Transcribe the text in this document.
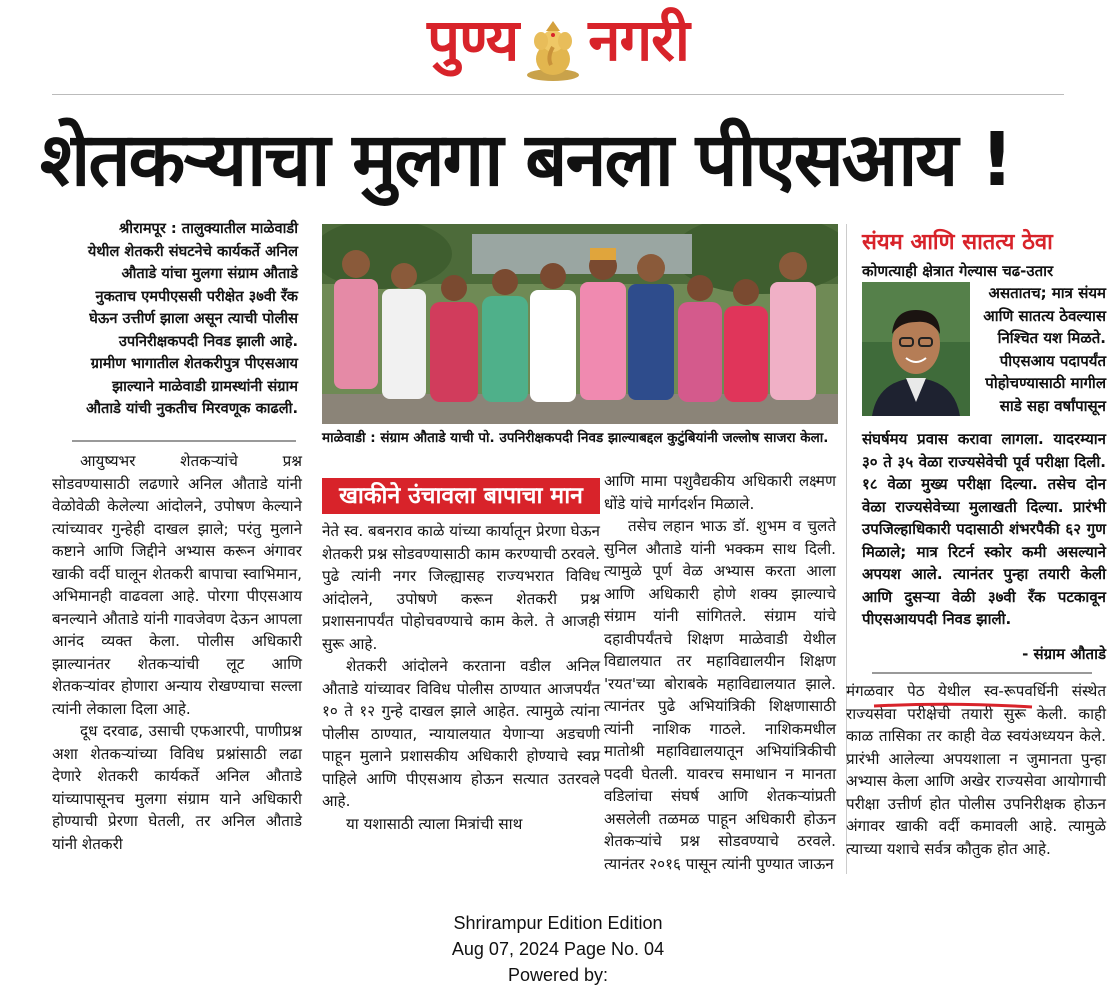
पुण्य नगरी
शेतकऱ्याचा मुलगा बनला पीएसआय !
श्रीरामपूर : तालुक्यातील माळेवाडी येथील शेतकरी संघटनेचे कार्यकर्ते अनिल औताडे यांचा मुलगा संग्राम औताडे नुकताच एमपीएससी परीक्षेत ३७वी रँक घेऊन उत्तीर्ण झाला असून त्याची पोलीस उपनिरीक्षकपदी निवड झाली आहे. ग्रामीण भागातील शेतकरीपुत्र पीएसआय झाल्याने माळेवाडी ग्रामस्थांनी संग्राम औताडे यांची नुकतीच मिरवणूक काढली.

आयुष्यभर शेतकऱ्यांचे प्रश्न सोडवण्यासाठी लढणारे अनिल औताडे यांनी वेळोवेळी केलेल्या आंदोलने, उपोषण केल्याने त्यांच्यावर गुन्हेही दाखल झाले; परंतु मुलाने कष्टाने आणि जिद्दीने अभ्यास करून अंगावर खाकी वर्दी घालून शेतकरी बापाचा स्वाभिमान, अभिमानही वाढवला आहे. पोरगा पीएसआय बनल्याने औताडे यांनी गावजेवण देऊन आपला आनंद व्यक्त केला. पोलीस अधिकारी झाल्यानंतर शेतकऱ्यांची लूट आणि शेतकऱ्यांवर होणारा अन्याय रोखण्याचा सल्ला त्यांनी लेकाला दिला आहे.

दूध दरवाढ, उसाची एफआरपी, पाणीप्रश्न अशा शेतकऱ्यांच्या विविध प्रश्नांसाठी लढा देणारे शेतकरी कार्यकर्ते अनिल औताडे यांच्यापासूनच मुलगा संग्राम याने अधिकारी होण्याची प्रेरणा घेतली, तर अनिल औताडे यांनी शेतकरी

माळेवाडी : संग्राम औताडे याची पो. उपनिरीक्षकपदी निवड झाल्याबद्दल कुटुंबियांनी जल्लोष साजरा केला.
खाकीने उंचावला बापाचा मान

नेते स्व. बबनराव काळे यांच्या कार्यातून प्रेरणा घेऊन शेतकरी प्रश्न सोडवण्यासाठी काम करण्याची ठरवले. पुढे त्यांनी नगर जिल्ह्यासह राज्यभरात विविध आंदोलने, उपोषणे करून शेतकरी प्रश्न प्रशासनापर्यंत पोहोचवण्याचे काम केले. ते आजही सुरू आहे.

शेतकरी आंदोलने करताना वडील अनिल औताडे यांच्यावर विविध पोलीस ठाण्यात आजपर्यंत १० ते १२ गुन्हे दाखल झाले आहेत. त्यामुळे त्यांना पोलीस ठाण्यात, न्यायालयात येणाऱ्या अडचणी पाहून मुलाने प्रशासकीय अधिकारी होण्याचे स्वप्न पाहिले आणि पीएसआय होऊन सत्यात उतरवले आहे.

या यशासाठी त्याला मित्रांची साथ

आणि मामा पशुवैद्यकीय अधिकारी लक्ष्मण धोंडे यांचे मार्गदर्शन मिळाले.

तसेच लहान भाऊ डॉ. शुभम व चुलते सुनिल औताडे यांनी भक्कम साथ दिली. त्यामुळे पूर्ण वेळ अभ्यास करता आला आणि अधिकारी होणे शक्य झाल्याचे संग्राम यांनी सांगितले. संग्राम यांचे दहावीपर्यंतचे शिक्षण माळेवाडी येथील विद्यालयात तर महाविद्यालयीन शिक्षण 'रयत'च्या बोराबके महाविद्यालयात झाले. त्यानंतर पुढे अभियांत्रिकी शिक्षणासाठी त्यांनी नाशिक गाठले. नाशिकमधील मातोश्री महाविद्यालयातून अभियांत्रिकीची पदवी घेतली. यावरच समाधान न मानता वडिलांचा संघर्ष आणि शेतकऱ्यांप्रती असलेली तळमळ पाहून अधिकारी होऊन शेतकऱ्यांचे प्रश्न सोडवण्याचे ठरवले. त्यानंतर २०१६ पासून त्यांनी पुण्यात जाऊन

संयम आणि सातत्य ठेवा
कोणत्याही क्षेत्रात गेल्यास चढ-उतार
असतातच; मात्र संयम आणि सातत्य ठेवल्यास निश्चित यश मिळते. पीएसआय पदापर्यंत पोहोचण्यासाठी मागील साडे सहा वर्षांपासून
संघर्षमय प्रवास करावा लागला. यादरम्यान ३० ते ३५ वेळा राज्यसेवेची पूर्व परीक्षा दिली. १८ वेळा मुख्य परीक्षा दिल्या. तसेच दोन वेळा राज्यसेवेच्या मुलाखती दिल्या. प्रारंभी उपजिल्हाधिकारी पदासाठी शंभरपैकी ६२ गुण मिळाले; मात्र रिटर्न स्कोर कमी असल्याने अपयश आले. त्यानंतर पुन्हा तयारी केली आणि दुसऱ्या वेळी ३७वी रँक पटकावून पीएसआयपदी निवड झाली.
- संग्राम औताडे

मंगळवार पेठ येथील स्व-रूपवर्धिनी संस्थेत राज्यसेवा परीक्षेची तयारी सुरू केली. काही काळ तासिका तर काही वेळ स्वयंअध्ययन केले. प्रारंभी आलेल्या अपयशाला न जुमानता पुन्हा अभ्यास केला आणि अखेर राज्यसेवा आयोगाची परीक्षा उत्तीर्ण होत पोलीस उपनिरीक्षक होऊन अंगावर खाकी वर्दी कमावली आहे. त्यामुळे त्याच्या यशाचे सर्वत्र कौतुक होत आहे.

Shrirampur Edition Edition
Aug 07, 2024 Page No. 04
Powered by:
